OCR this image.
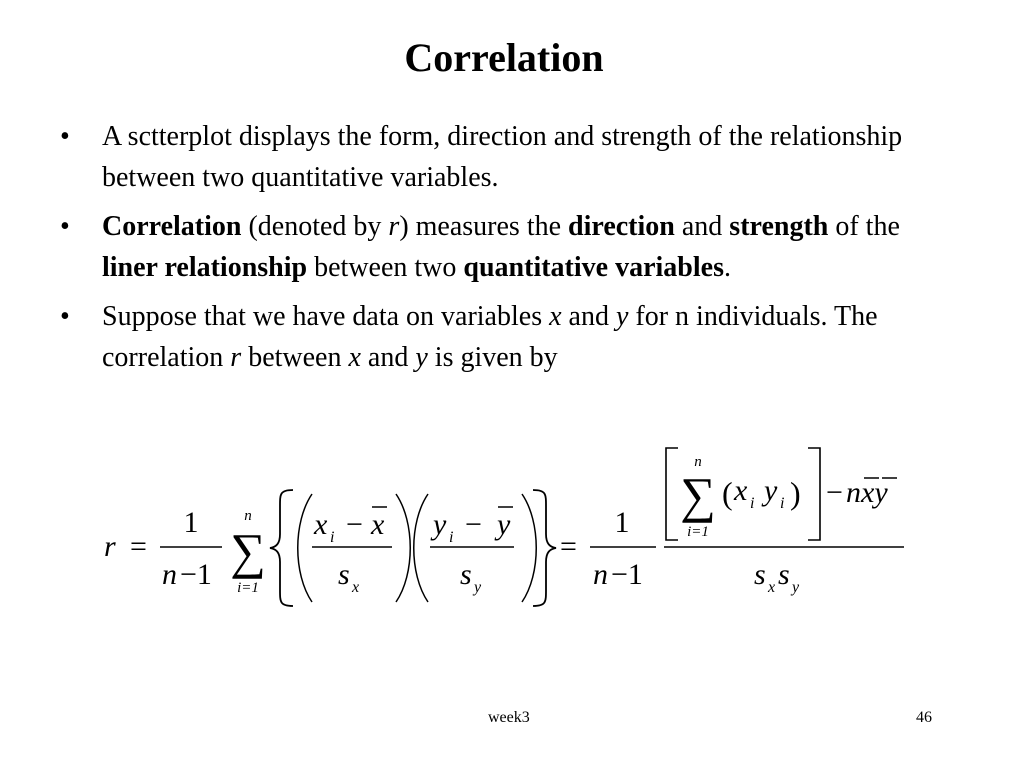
Correlation
• A sctterplot displays the form, direction and strength of the relationship between two quantitative variables.
• Correlation (denoted by r) measures the direction and strength of the liner relationship between two quantitative variables.
• Suppose that we have data on variables x and y for n individuals. The correlation r between x and y is given by
r =
1
n −1
n
∑
i=1
x i − x
s x
y i − y
s y
=
1
n −1
n
∑
i=1
( x i y i ) − nxy
s x s y
week3	46
